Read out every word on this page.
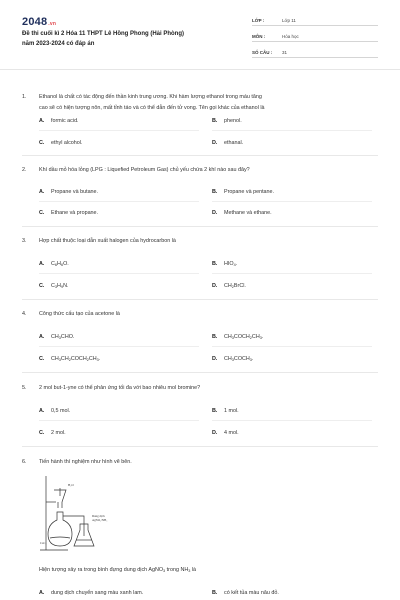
2048.vn
Đề thi cuối kì 2 Hóa 11 THPT Lê Hồng Phong (Hải Phòng)
năm 2023-2024 có đáp án
LỚP :	Lớp 11
MÔN :	Hóa học
SỐ CÂU : 31
1. Ethanol là chất có tác động đến thần kinh trung ương. Khi hàm lượng ethanol trong máu tăng
cao sẽ có hiện tượng nôn, mất tỉnh táo và có thể dẫn đến tử vong. Tên gọi khác của ethanol là
A. formic acid.	B. phenol.
C. ethyl alcohol.	D. ethanal.
2. Khí dầu mỏ hóa lỏng (LPG : Liquefied Petroleum Gas) chủ yếu chứa 2 khí nào sau đây?
A. Propane và butane.	B. Propane và pentane.
C. Ethane và propane.	D. Methane và ethane.
3. Hợp chất thuộc loại dẫn xuất halogen của hydrocarbon là
A. $C_6H_6O$.	B. $HIO_4$.
C. $C_3H_9N$.	D. $CH_2BrCl$.
4. Công thức cấu tạo của acetone là
A. $CH_3CHO$.	B. $CH_3COCH_2CH_3$.
C. $CH_3CH_2COCH_2CH_3$.	D. $CH_3COCH_3$.
5. 2 mol but-1-yne có thể phản ứng tối đa với bao nhiêu mol bromine?
A. 0,5 mol.	B. 1 mol.
C. 2 mol.	D. 4 mol.
6. Tiến hành thí nghiệm như hình vẽ bên.
H₂O
Dung dịch
AgNO₃/NH₃
CaC₂
Hiện tượng xảy ra trong bình đựng dung dịch AgNO$_3$ trong $NH_3$ là
A. dung dịch chuyển sang màu xanh lam.	B. có kết tủa màu nâu đỏ.
